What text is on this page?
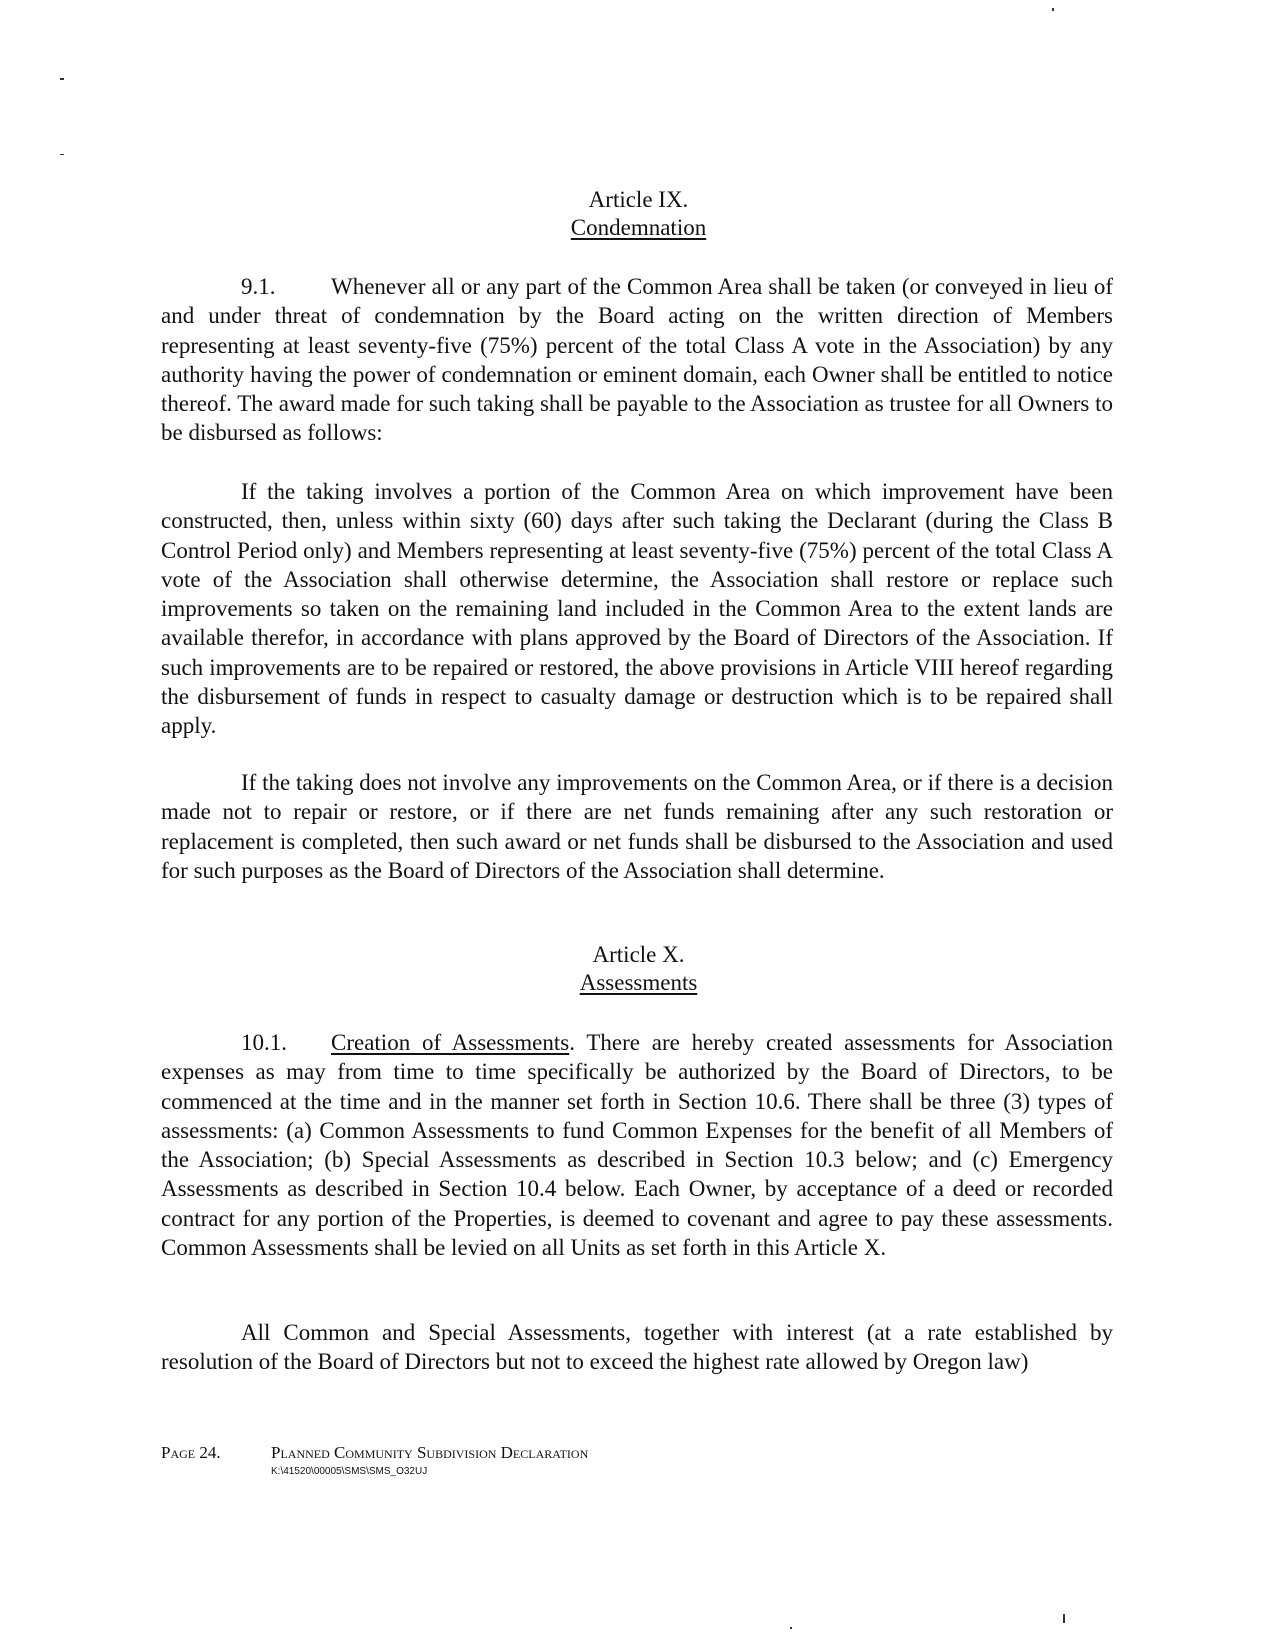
Article IX.
Condemnation

9.1. Whenever all or any part of the Common Area shall be taken (or conveyed in lieu of and under threat of condemnation by the Board acting on the written direction of Members representing at least seventy-five (75%) percent of the total Class A vote in the Association) by any authority having the power of condemnation or eminent domain, each Owner shall be entitled to notice thereof. The award made for such taking shall be payable to the Association as trustee for all Owners to be disbursed as follows:

If the taking involves a portion of the Common Area on which improvement have been constructed, then, unless within sixty (60) days after such taking the Declarant (during the Class B Control Period only) and Members representing at least seventy-five (75%) percent of the total Class A vote of the Association shall otherwise determine, the Association shall restore or replace such improvements so taken on the remaining land included in the Common Area to the extent lands are available therefor, in accordance with plans approved by the Board of Directors of the Association. If such improvements are to be repaired or restored, the above provisions in Article VIII hereof regarding the disbursement of funds in respect to casualty damage or destruction which is to be repaired shall apply.

If the taking does not involve any improvements on the Common Area, or if there is a decision made not to repair or restore, or if there are net funds remaining after any such restoration or replacement is completed, then such award or net funds shall be disbursed to the Association and used for such purposes as the Board of Directors of the Association shall determine.

Article X.
Assessments

10.1. Creation of Assessments. There are hereby created assessments for Association expenses as may from time to time specifically be authorized by the Board of Directors, to be commenced at the time and in the manner set forth in Section 10.6. There shall be three (3) types of assessments: (a) Common Assessments to fund Common Expenses for the benefit of all Members of the Association; (b) Special Assessments as described in Section 10.3 below; and (c) Emergency Assessments as described in Section 10.4 below. Each Owner, by acceptance of a deed or recorded contract for any portion of the Properties, is deemed to covenant and agree to pay these assessments. Common Assessments shall be levied on all Units as set forth in this Article X.

All Common and Special Assessments, together with interest (at a rate established by resolution of the Board of Directors but not to exceed the highest rate allowed by Oregon law)

Page 24.	Planned Community Subdivision Declaration
K:\41520\00005\SMS\SMS_O32UJ
